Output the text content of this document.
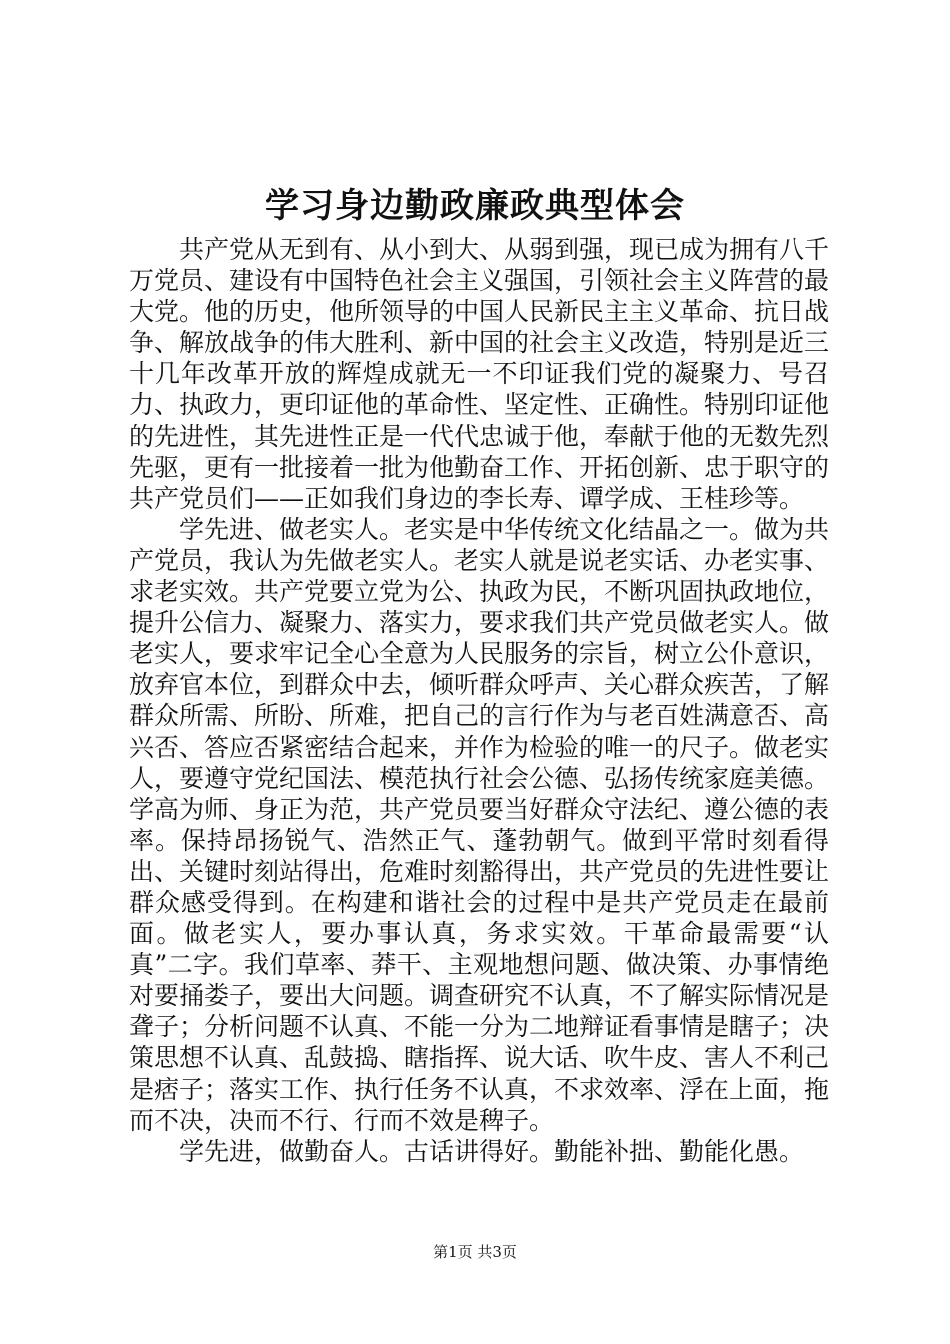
学习身边勤政廉政典型体会

共产党从无到有、从小到大、从弱到强，现已成为拥有八千万党员、建设有中国特色社会主义强国，引领社会主义阵营的最大党。他的历史，他所领导的中国人民新民主主义革命、抗日战争、解放战争的伟大胜利、新中国的社会主义改造，特别是近三十几年改革开放的辉煌成就无一不印证我们党的凝聚力、号召力、执政力，更印证他的革命性、坚定性、正确性。特别印证他的先进性，其先进性正是一代代忠诚于他，奉献于他的无数先烈先驱，更有一批接着一批为他勤奋工作、开拓创新、忠于职守的共产党员们——正如我们身边的李长寿、谭学成、王桂珍等。

学先进、做老实人。老实是中华传统文化结晶之一。做为共产党员，我认为先做老实人。老实人就是说老实话、办老实事、求老实效。共产党要立党为公、执政为民，不断巩固执政地位，提升公信力、凝聚力、落实力，要求我们共产党员做老实人。做老实人，要求牢记全心全意为人民服务的宗旨，树立公仆意识，放弃官本位，到群众中去，倾听群众呼声、关心群众疾苦，了解群众所需、所盼、所难，把自己的言行作为与老百姓满意否、高兴否、答应否紧密结合起来，并作为检验的唯一的尺子。做老实人，要遵守党纪国法、模范执行社会公德、弘扬传统家庭美德。学高为师、身正为范，共产党员要当好群众守法纪、遵公德的表率。保持昂扬锐气、浩然正气、蓬勃朝气。做到平常时刻看得出、关键时刻站得出，危难时刻豁得出，共产党员的先进性要让群众感受得到。在构建和谐社会的过程中是共产党员走在最前面。做老实人，要办事认真，务求实效。干革命最需要“认真”二字。我们草率、莽干、主观地想问题、做决策、办事情绝对要捅娄子，要出大问题。调查研究不认真，不了解实际情况是聋子；分析问题不认真、不能一分为二地辩证看事情是瞎子；决策思想不认真、乱鼓捣、瞎指挥、说大话、吹牛皮、害人不利己是痞子；落实工作、执行任务不认真，不求效率、浮在上面，拖而不决，决而不行、行而不效是稗子。

学先进，做勤奋人。古话讲得好。勤能补拙、勤能化愚。

第1页 共3页
